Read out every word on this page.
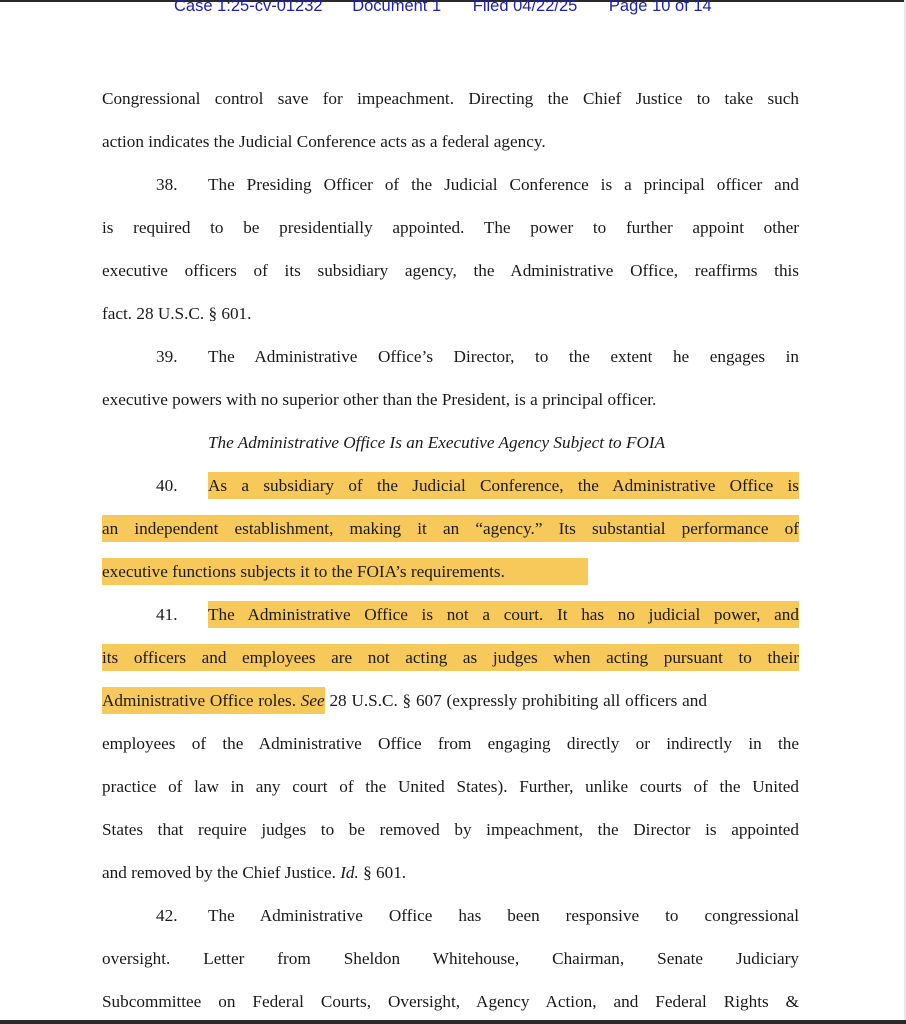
Case 1:25-cv-01232 Document 1 Filed 04/22/25 Page 10 of 14
Congressional control save for impeachment. Directing the Chief Justice to take such
action indicates the Judicial Conference acts as a federal agency.
38. The Presiding Officer of the Judicial Conference is a principal officer and
is required to be presidentially appointed. The power to further appoint other
executive officers of its subsidiary agency, the Administrative Office, reaffirms this
fact. 28 U.S.C. § 601.
39. The Administrative Office’s Director, to the extent he engages in
executive powers with no superior other than the President, is a principal officer.
The Administrative Office Is an Executive Agency Subject to FOIA
40. As a subsidiary of the Judicial Conference, the Administrative Office is
an independent establishment, making it an “agency.” Its substantial performance of
executive functions subjects it to the FOIA’s requirements.
41. The Administrative Office is not a court. It has no judicial power, and
its officers and employees are not acting as judges when acting pursuant to their
Administrative Office roles. See 28 U.S.C. § 607 (expressly prohibiting all officers and
employees of the Administrative Office from engaging directly or indirectly in the
practice of law in any court of the United States). Further, unlike courts of the United
States that require judges to be removed by impeachment, the Director is appointed
and removed by the Chief Justice. Id. § 601.
42. The Administrative Office has been responsive to congressional
oversight. Letter from Sheldon Whitehouse, Chairman, Senate Judiciary
Subcommittee on Federal Courts, Oversight, Agency Action, and Federal Rights &
